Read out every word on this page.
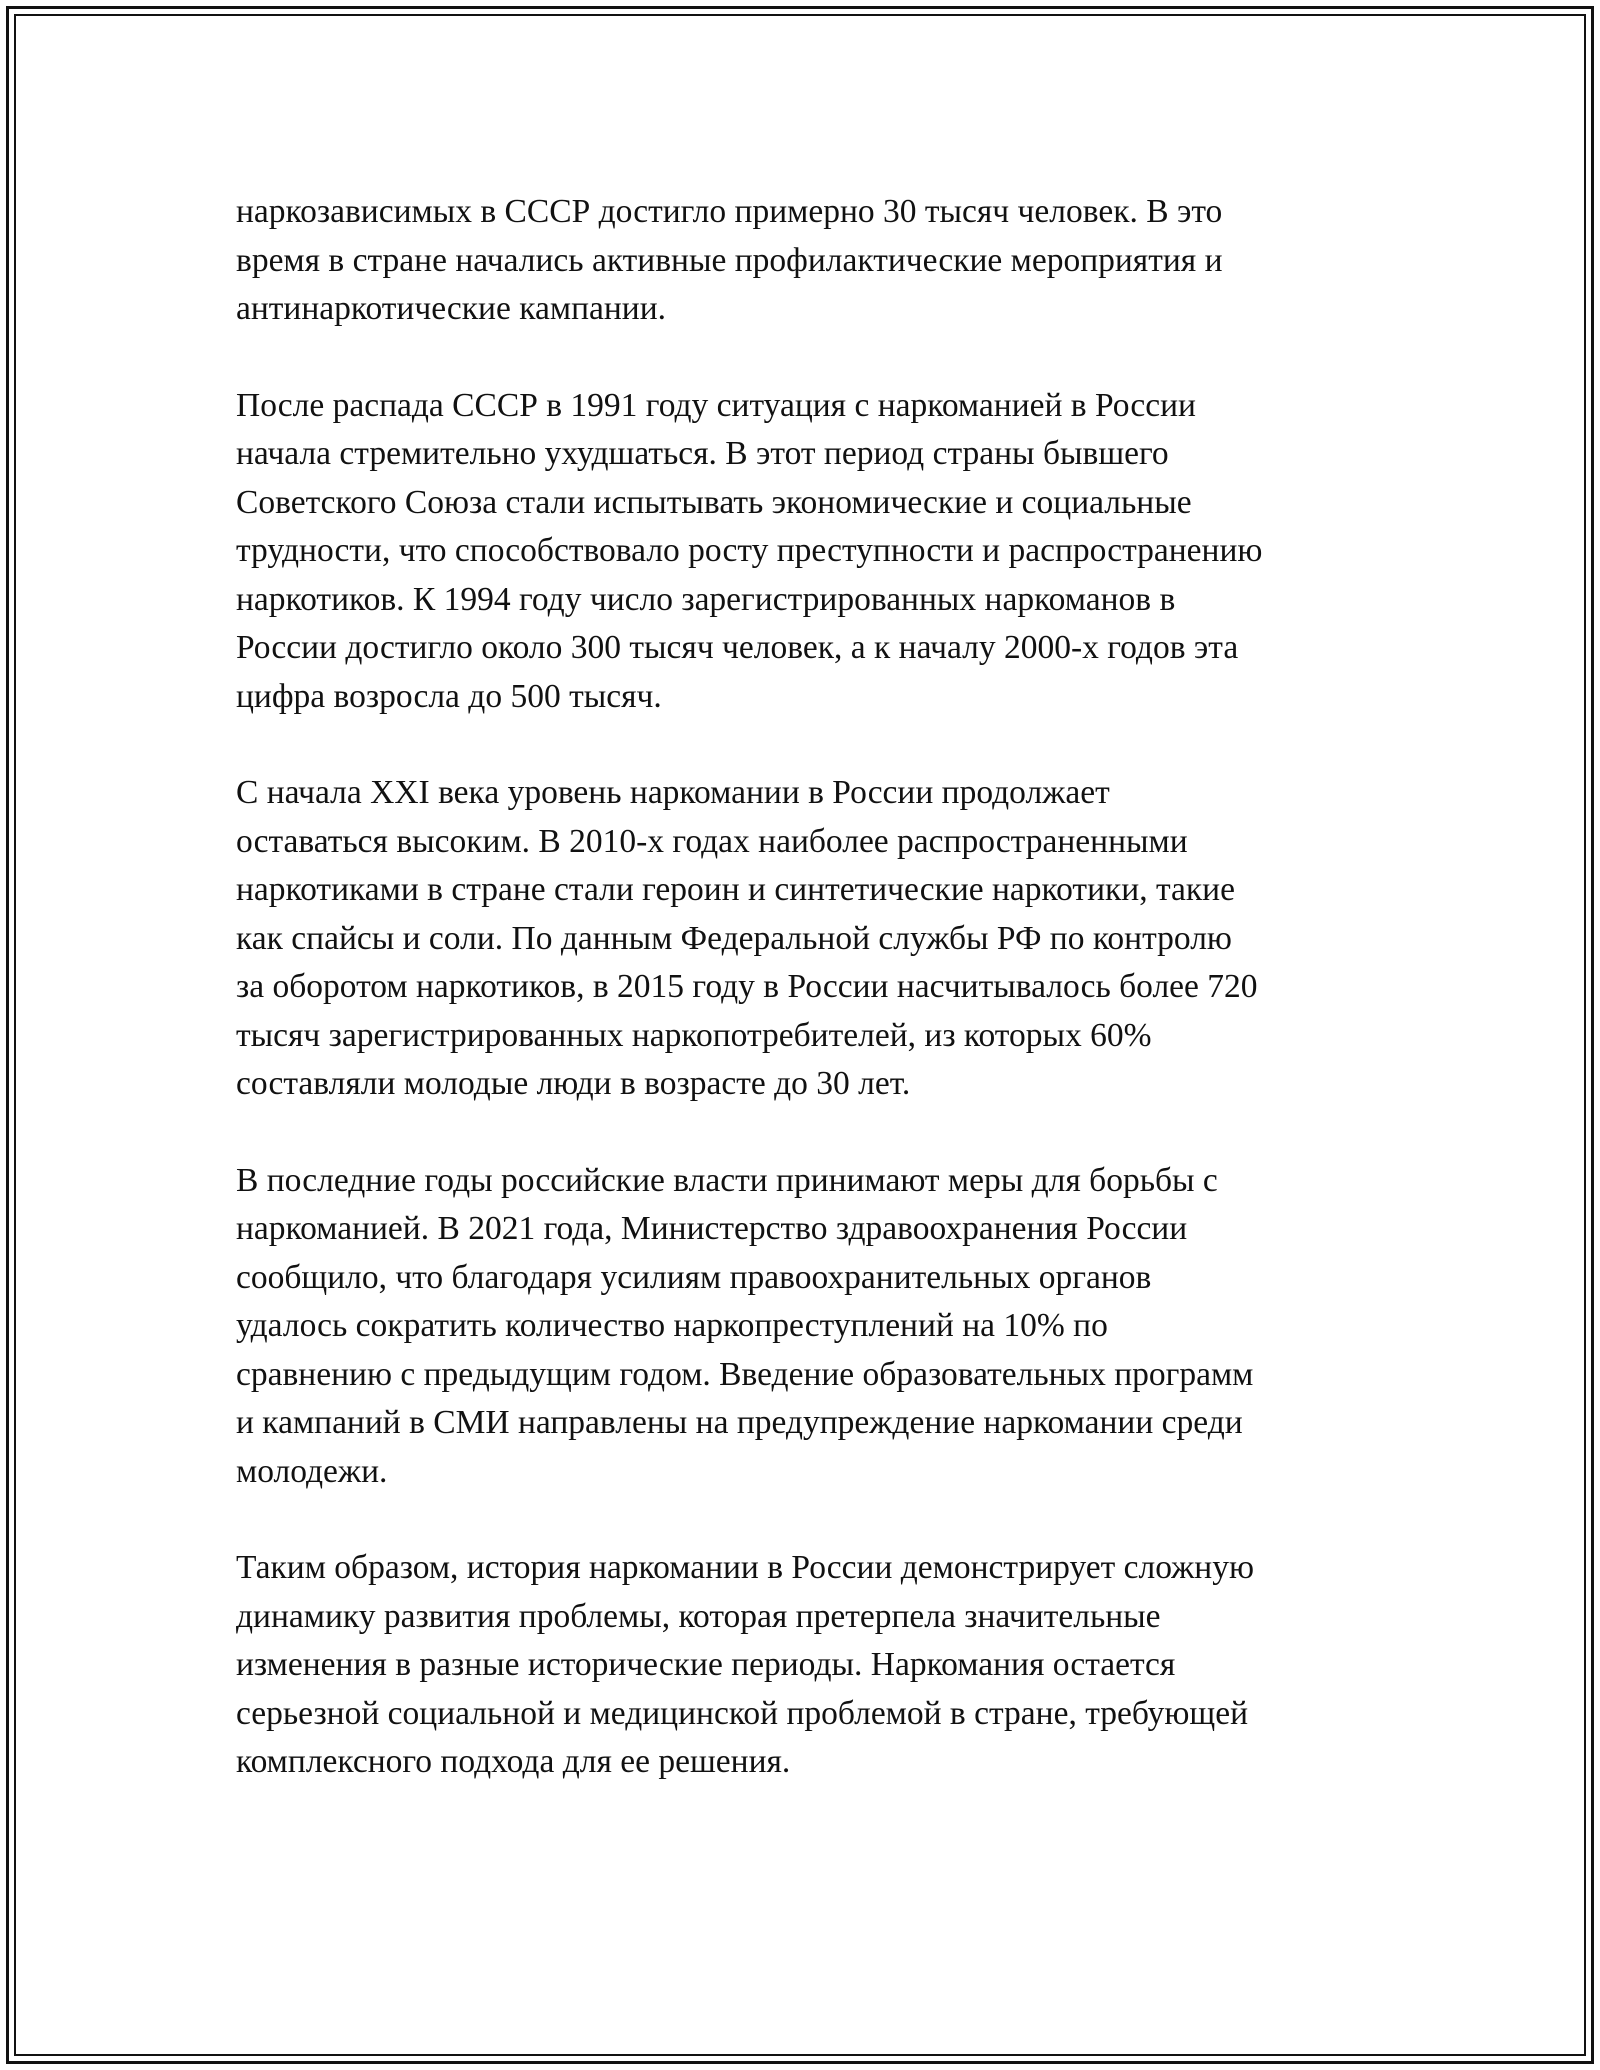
наркозависимых в СССР достигло примерно 30 тысяч человек. В это
время в стране начались активные профилактические мероприятия и
антинаркотические кампании.
После распада СССР в 1991 году ситуация с наркоманией в России
начала стремительно ухудшаться. В этот период страны бывшего
Советского Союза стали испытывать экономические и социальные
трудности, что способствовало росту преступности и распространению
наркотиков. К 1994 году число зарегистрированных наркоманов в
России достигло около 300 тысяч человек, а к началу 2000-х годов эта
цифра возросла до 500 тысяч.
С начала XXI века уровень наркомании в России продолжает
оставаться высоким. В 2010-х годах наиболее распространенными
наркотиками в стране стали героин и синтетические наркотики, такие
как спайсы и соли. По данным Федеральной службы РФ по контролю
за оборотом наркотиков, в 2015 году в России насчитывалось более 720
тысяч зарегистрированных наркопотребителей, из которых 60%
составляли молодые люди в возрасте до 30 лет.
В последние годы российские власти принимают меры для борьбы с
наркоманией. В 2021 года, Министерство здравоохранения России
сообщило, что благодаря усилиям правоохранительных органов
удалось сократить количество наркопреступлений на 10% по
сравнению с предыдущим годом. Введение образовательных программ
и кампаний в СМИ направлены на предупреждение наркомании среди
молодежи.
Таким образом, история наркомании в России демонстрирует сложную
динамику развития проблемы, которая претерпела значительные
изменения в разные исторические периоды. Наркомания остается
серьезной социальной и медицинской проблемой в стране, требующей
комплексного подхода для ее решения.
